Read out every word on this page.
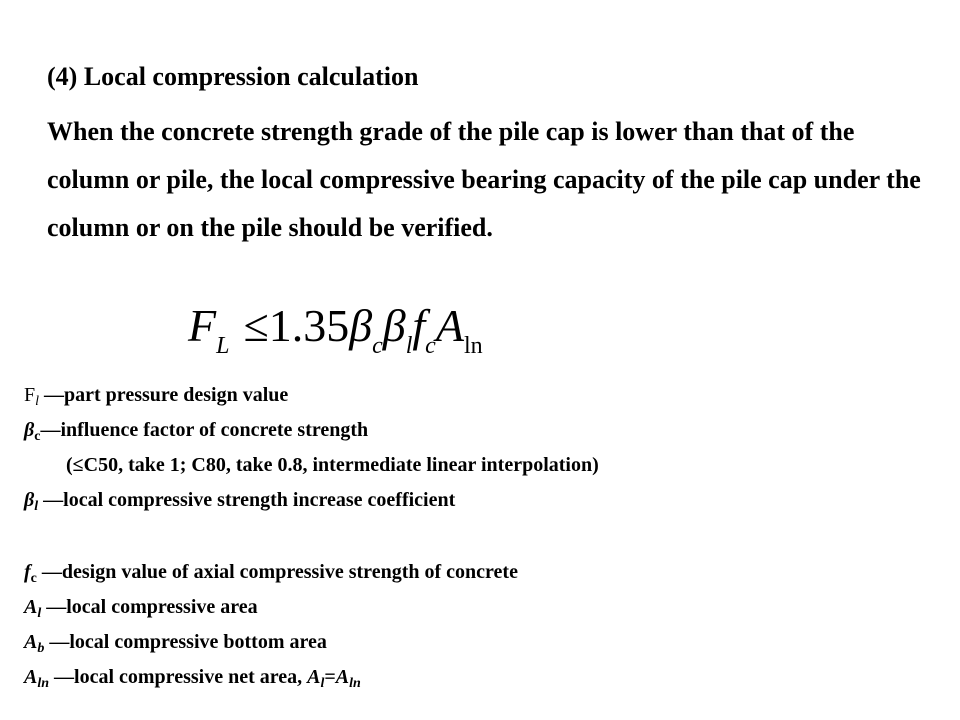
(4) Local compression calculation
When the concrete strength grade of the pile cap is lower than that of the column or pile, the local compressive bearing capacity of the pile cap under the column or on the pile should be verified.
$F_L \le 1.35\beta_c\beta_lf_cA_{ln}$
$F_l$ —part pressure design value
$\beta_c—influence$ factor of concrete strength
(≤C50, take 1; C80, take 0.8, intermediate linear interpolation)
$\beta_l$ —local compressive strength increase coefficient
$f_c$ —design value of axial compressive strength of concrete
$A_l$ —local compressive area
$A_b$ —local compressive bottom area
$A_{ln}$ —local compressive net area, $A_l=A_{ln}$
